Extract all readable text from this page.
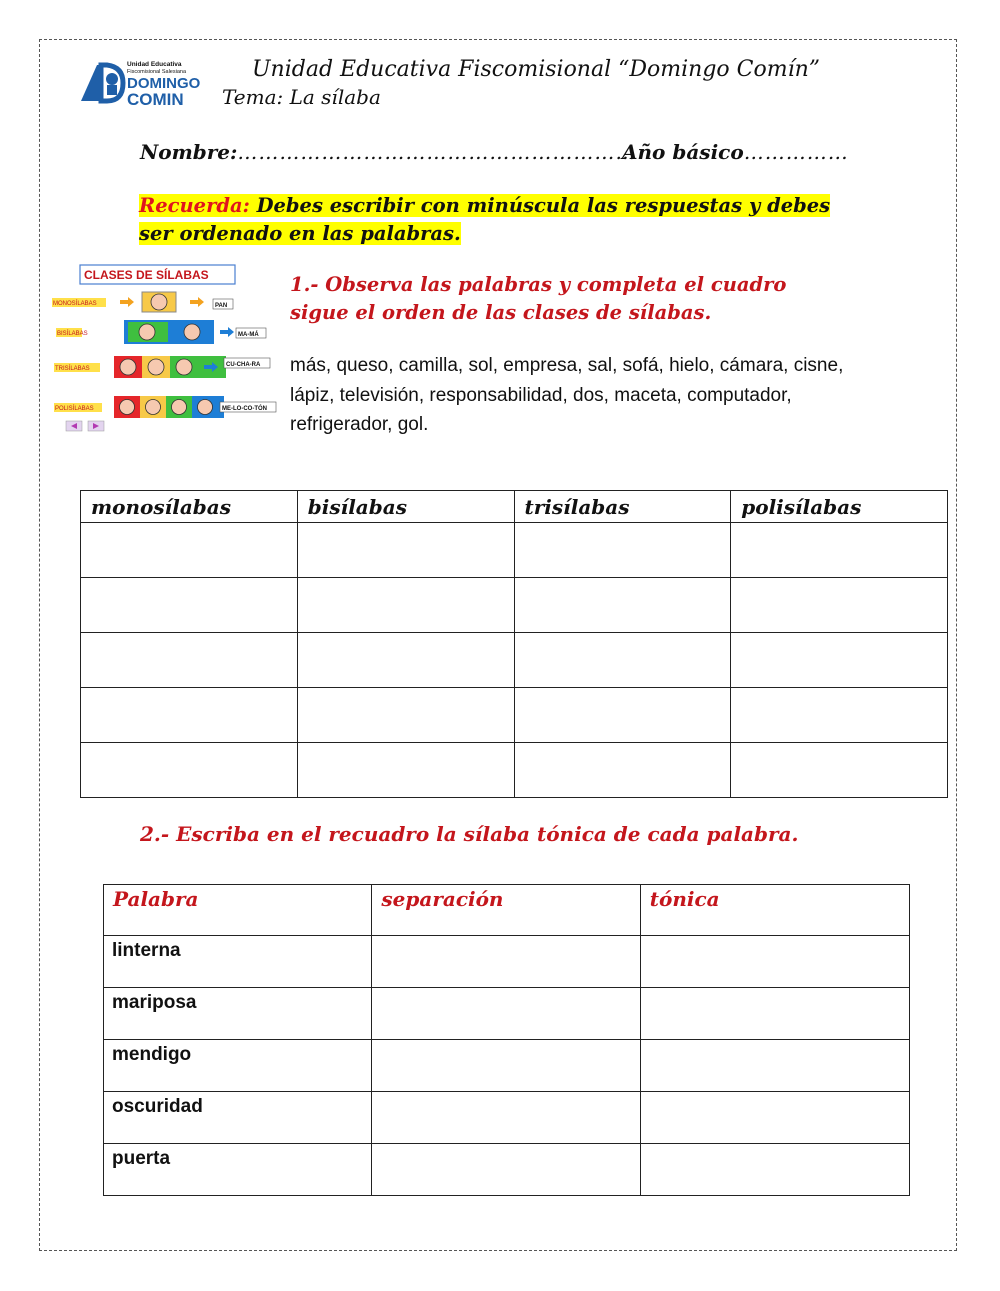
Unidad Educativa
Fiscomisional Salesiana
DOMINGO
COMIN
Unidad Educativa Fiscomisional “Domingo Comín”
Tema: La sílaba
Nombre:…………………………………………………
Año básico……………
Recuerda: Debes escribir con minúscula las respuestas y debes ser ordenado en las palabras.
CLASES DE SÍLABAS
MONOSÍLABAS	PAN
BISÍLABAS	MA-MÁ
TRISÍLABAS
CU-CHA-RA
POLISÍLABAS	ME-LO-CO-TÓN
1.- Observa las palabras y completa el cuadro sigue el orden de las clases de sílabas.
más, queso, camilla, sol, empresa, sal, sofá, hielo, cámara, cisne, lápiz, televisión, responsabilidad, dos, maceta, computador, refrigerador, gol.
monosílabas	bisílabas	trisílabas	polisílabas

2.- Escriba en el recuadro la sílaba tónica de cada palabra.
Palabra	separación	tónica
linterna		
mariposa		
mendigo		
oscuridad		
puerta		
